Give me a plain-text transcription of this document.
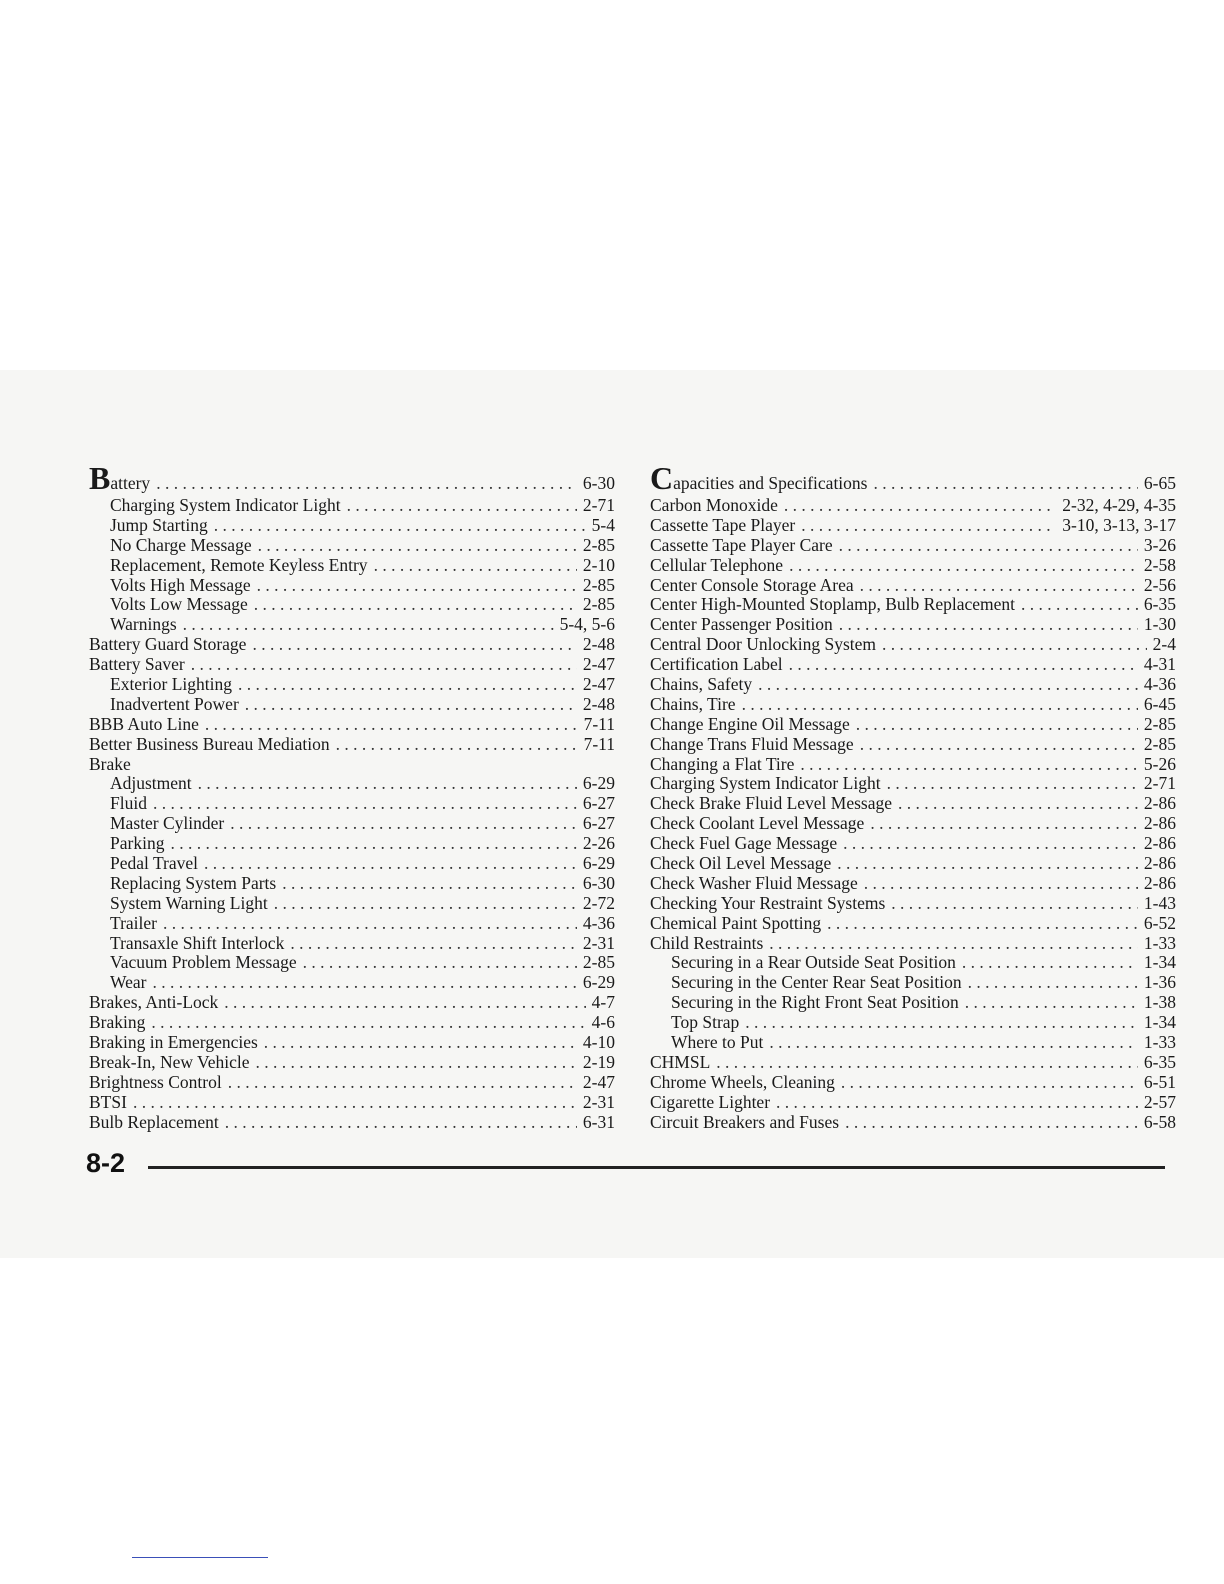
Battery . . .	6-30
Charging System Indicator Light . . .	2-71
Jump Starting . . .	5-4
No Charge Message . . .	2-85
Replacement, Remote Keyless Entry . . .	2-10
Volts High Message . . .	2-85
Volts Low Message . . .	2-85
Warnings . . .	5-4, 5-6
Battery Guard Storage . . .	2-48
Battery Saver . . .	2-47
Exterior Lighting . . .	2-47
Inadvertent Power . . .	2-48
BBB Auto Line . . .	7-11
Better Business Bureau Mediation . . .	7-11
Brake
Adjustment . . .	6-29
Fluid . . .	6-27
Master Cylinder . . .	6-27
Parking . . .	2-26
Pedal Travel . . .	6-29
Replacing System Parts . . .	6-30
System Warning Light . . .	2-72
Trailer . . .	4-36
Transaxle Shift Interlock . . .	2-31
Vacuum Problem Message . . .	2-85
Wear . . .	6-29
Brakes, Anti-Lock . . .	4-7
Braking . . .	4-6
Braking in Emergencies . . .	4-10
Break-In, New Vehicle . . .	2-19
Brightness Control . . .	2-47
BTSI . . .	2-31
Bulb Replacement . . .	6-31
Capacities and Specifications . . .	6-65
Carbon Monoxide . . .	2-32, 4-29, 4-35
Cassette Tape Player . . .	3-10, 3-13, 3-17
Cassette Tape Player Care . . .	3-26
Cellular Telephone . . .	2-58
Center Console Storage Area . . .	2-56
Center High-Mounted Stoplamp, Bulb Replacement . . .	6-35
Center Passenger Position . . .	1-30
Central Door Unlocking System . . .	2-4
Certification Label . . .	4-31
Chains, Safety . . .	4-36
Chains, Tire . . .	6-45
Change Engine Oil Message . . .	2-85
Change Trans Fluid Message . . .	2-85
Changing a Flat Tire . . .	5-26
Charging System Indicator Light . . .	2-71
Check Brake Fluid Level Message . . .	2-86
Check Coolant Level Message . . .	2-86
Check Fuel Gage Message . . .	2-86
Check Oil Level Message . . .	2-86
Check Washer Fluid Message . . .	2-86
Checking Your Restraint Systems . . .	1-43
Chemical Paint Spotting . . .	6-52
Child Restraints . . .	1-33
Securing in a Rear Outside Seat Position . . .	1-34
Securing in the Center Rear Seat Position . . .	1-36
Securing in the Right Front Seat Position . . .	1-38
Top Strap . . .	1-34
Where to Put . . .	1-33
CHMSL . . .	6-35
Chrome Wheels, Cleaning . . .	6-51
Cigarette Lighter . . .	2-57
Circuit Breakers and Fuses . . .	6-58
8-2
